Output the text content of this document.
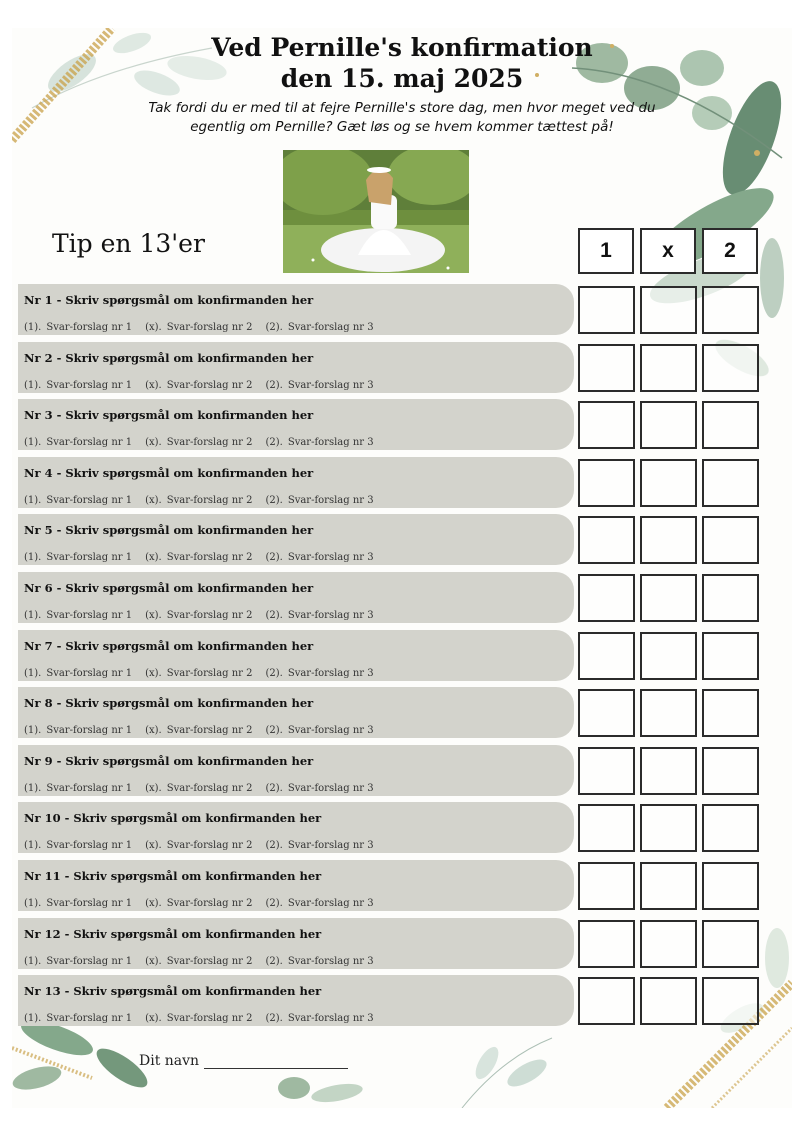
Ved Pernille's konfirmation
den 15. maj 2025
Tak fordi du er med til at fejre Pernille's store dag, men hvor meget ved du
egentlig om Pernille? Gæt løs og se hvem kommer tættest på!
Tip en 13'er	1	x	2
Nr 1 - Skriv spørgsmål om konfirmanden her
(1). Svar-forslag nr 1 (x). Svar-forslag nr 2 (2). Svar-forslag nr 3
Nr 2 - Skriv spørgsmål om konfirmanden her
(1). Svar-forslag nr 1 (x). Svar-forslag nr 2 (2). Svar-forslag nr 3
Nr 3 - Skriv spørgsmål om konfirmanden her
(1). Svar-forslag nr 1 (x). Svar-forslag nr 2 (2). Svar-forslag nr 3
Nr 4 - Skriv spørgsmål om konfirmanden her
(1). Svar-forslag nr 1 (x). Svar-forslag nr 2 (2). Svar-forslag nr 3
Nr 5 - Skriv spørgsmål om konfirmanden her
(1). Svar-forslag nr 1 (x). Svar-forslag nr 2 (2). Svar-forslag nr 3
Nr 6 - Skriv spørgsmål om konfirmanden her
(1). Svar-forslag nr 1 (x). Svar-forslag nr 2 (2). Svar-forslag nr 3
Nr 7 - Skriv spørgsmål om konfirmanden her
(1). Svar-forslag nr 1 (x). Svar-forslag nr 2 (2). Svar-forslag nr 3
Nr 8 - Skriv spørgsmål om konfirmanden her
(1). Svar-forslag nr 1 (x). Svar-forslag nr 2 (2). Svar-forslag nr 3
Nr 9 - Skriv spørgsmål om konfirmanden her
(1). Svar-forslag nr 1 (x). Svar-forslag nr 2 (2). Svar-forslag nr 3
Nr 10 - Skriv spørgsmål om konfirmanden her
(1). Svar-forslag nr 1 (x). Svar-forslag nr 2 (2). Svar-forslag nr 3
Nr 11 - Skriv spørgsmål om konfirmanden her
(1). Svar-forslag nr 1 (x). Svar-forslag nr 2 (2). Svar-forslag nr 3
Nr 12 - Skriv spørgsmål om konfirmanden her
(1). Svar-forslag nr 1 (x). Svar-forslag nr 2 (2). Svar-forslag nr 3
Nr 13 - Skriv spørgsmål om konfirmanden her
(1). Svar-forslag nr 1 (x). Svar-forslag nr 2 (2). Svar-forslag nr 3
Dit navn
